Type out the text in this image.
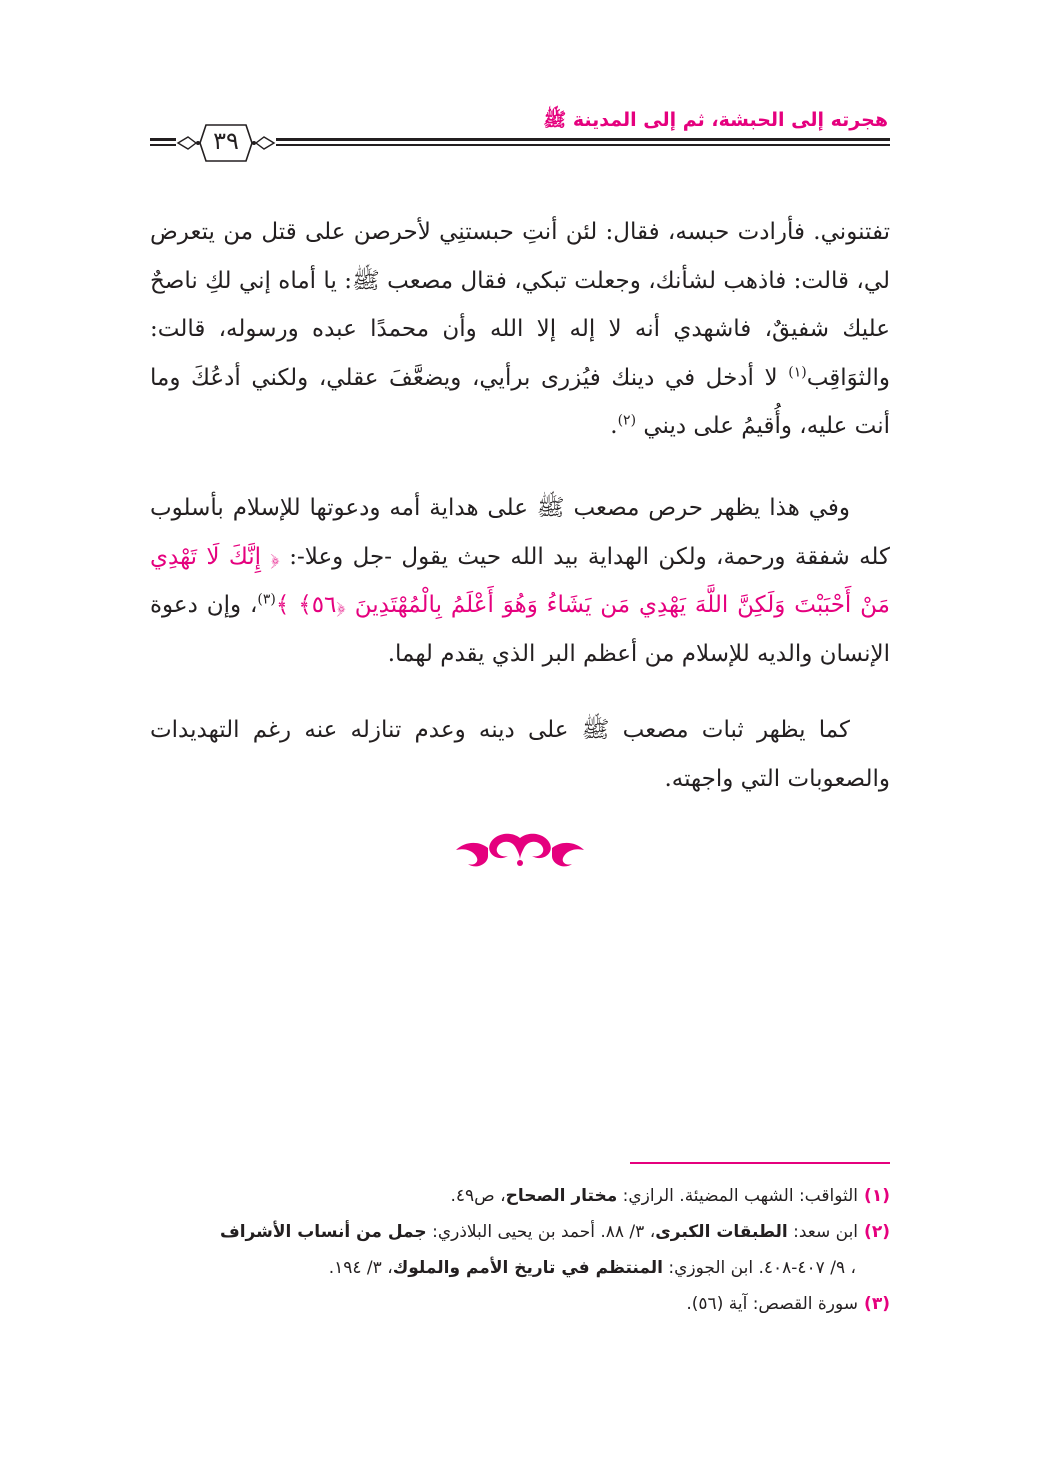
هجرته إلى الحبشة، ثم إلى المدينة ﷺ
٣٩
تفتنوني. فأرادت حبسه، فقال: لئن أنتِ حبستنِي لأحرصن على قتل من يتعرض لي، قالت: فاذهب لشأنك، وجعلت تبكي، فقال مصعب ﷺ: يا أماه إني لكِ ناصحٌ عليك شفيقٌ، فاشهدي أنه لا إله إلا الله وأن محمدًا عبده ورسوله، قالت: والثوَاقِب$^{(١)}$ لا أدخل في دينك فيُزرى برأيي، ويضعَّفَ عقلي، ولكني أدعُكَ وما أنت عليه، وأُقيمُ على ديني $^{(٢)}$.
وفي هذا يظهر حرص مصعب ﷺ على هداية أمه ودعوتها للإسلام بأسلوب كله شفقة ورحمة، ولكن الهداية بيد الله حيث يقول -جل وعلا-: ﴿ إِنَّكَ لَا تَهْدِي مَنْ أَحْبَبْتَ وَلَكِنَّ اللَّهَ يَهْدِي مَن يَشَاءُ وَهُوَ أَعْلَمُ بِالْمُهْتَدِينَ ﴿٥٦﴾ ﴾$^{(٣)}$، وإن دعوة الإنسان والديه للإسلام من أعظم البر الذي يقدم لهما.
كما يظهر ثبات مصعب ﷺ على دينه وعدم تنازله عنه رغم التهديدات والصعوبات التي واجهته.
(١)الثواقب: الشهب المضيئة. الرازي: مختار الصحاح، ص٤٩.
(٢)ابن سعد: الطبقات الكبرى، ٣/ ٨٨. أحمد بن يحيى البلاذري: جمل من أنساب الأشراف
، ٩/ ٤٠٧-٤٠٨. ابن الجوزي: المنتظم في تاريخ الأمم والملوك، ٣/ ١٩٤.
(٣)سورة القصص: آية (٥٦).
